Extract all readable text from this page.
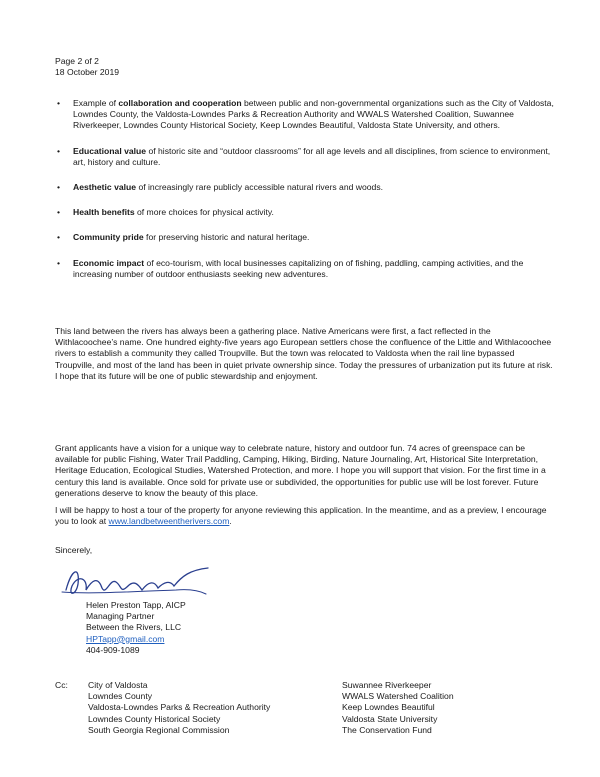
Page 2 of 2
18 October 2019
• Example of collaboration and cooperation between public and non-governmental organizations such as the City of Valdosta, Lowndes County, the Valdosta-Lowndes Parks & Recreation Authority and WWALS Watershed Coalition, Suwannee Riverkeeper, Lowndes County Historical Society, Keep Lowndes Beautiful, Valdosta State University, and others.
• Educational value of historic site and “outdoor classrooms” for all age levels and all disciplines, from science to environment, art, history and culture.
• Aesthetic value of increasingly rare publicly accessible natural rivers and woods.
• Health benefits of more choices for physical activity.
• Community pride for preserving historic and natural heritage.
• Economic impact of eco-tourism, with local businesses capitalizing on of fishing, paddling, camping activities, and the increasing number of outdoor enthusiasts seeking new adventures.
This land between the rivers has always been a gathering place. Native Americans were first, a fact reflected in the Withlacoochee’s name. One hundred eighty-five years ago European settlers chose the confluence of the Little and Withlacoochee rivers to establish a community they called Troupville. But the town was relocated to Valdosta when the rail line bypassed Troupville, and most of the land has been in quiet private ownership since. Today the pressures of urbanization put its future at risk. I hope that its future will be one of public stewardship and enjoyment.
Grant applicants have a vision for a unique way to celebrate nature, history and outdoor fun. 74 acres of greenspace can be available for public Fishing, Water Trail Paddling, Camping, Hiking, Birding, Nature Journaling, Art, Historical Site Interpretation, Heritage Education, Ecological Studies, Watershed Protection, and more. I hope you will support that vision. For the first time in a century this land is available. Once sold for private use or subdivided, the opportunities for public use will be lost forever. Future generations deserve to know the beauty of this place.
I will be happy to host a tour of the property for anyone reviewing this application. In the meantime, and as a preview, I encourage you to look at www.landbetweentherivers.com.
Sincerely,
Helen Preston Tapp, AICP
Managing Partner
Between the Rivers, LLC
HPTapp@gmail.com
404-909-1089
Cc: City of Valdosta
Lowndes County
Valdosta-Lowndes Parks & Recreation Authority
Lowndes County Historical Society
South Georgia Regional Commission
Suwannee Riverkeeper
WWALS Watershed Coalition
Keep Lowndes Beautiful
Valdosta State University
The Conservation Fund
